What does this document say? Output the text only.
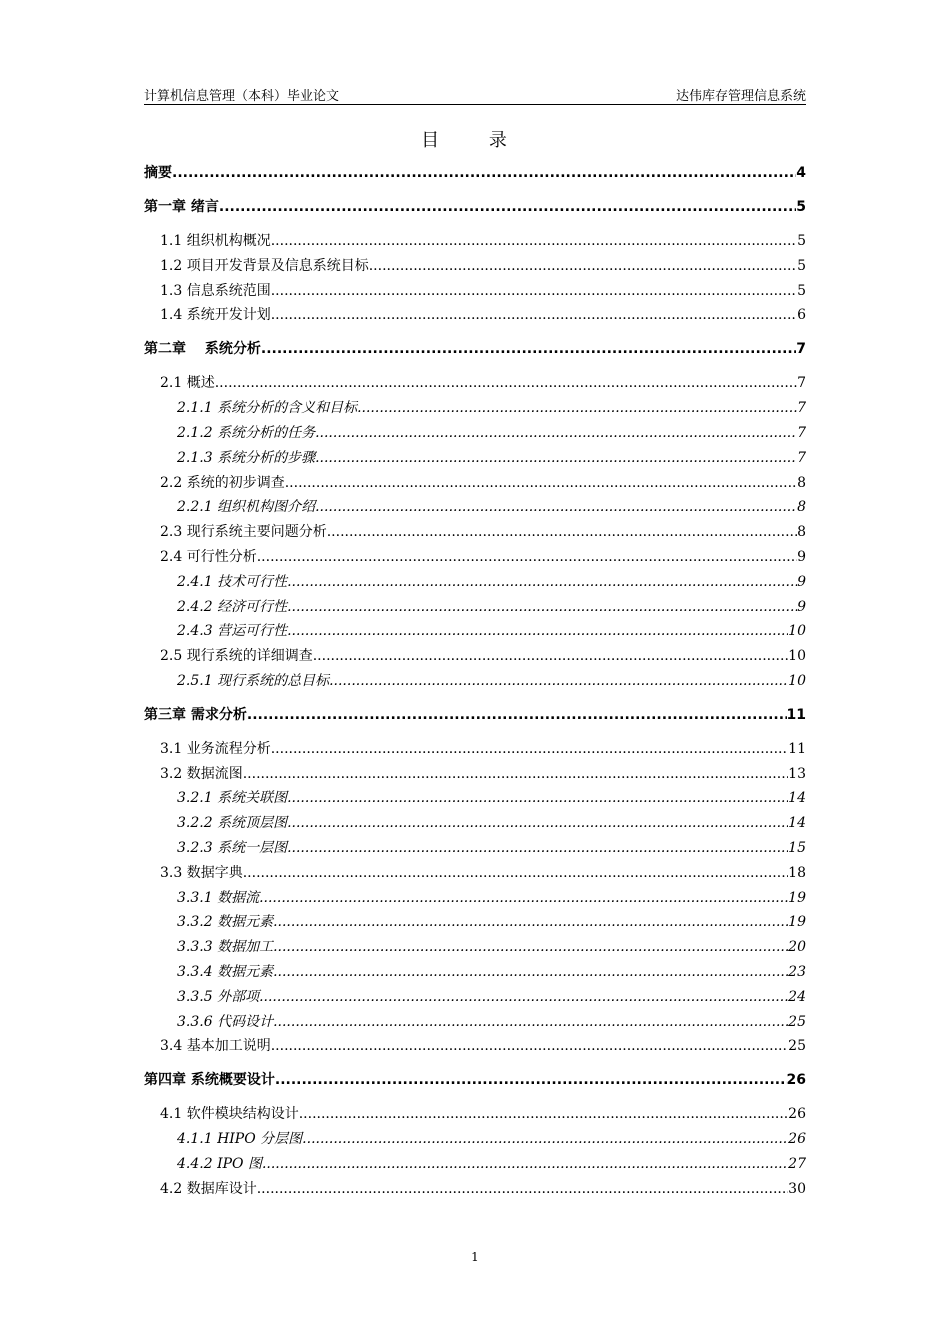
计算机信息管理（本科）毕业论文	达伟库存管理信息系统
目 录
摘要 .....	4
第一章 绪言 .....	5
1.1 组织机构概况 .....	5
1.2 项目开发背景及信息系统目标 .....	5
1.3 信息系统范围 .....	5
1.4 系统开发计划 .....	6
第二章　 系统分析 .....	7
2.1 概述 .....	7
2.1.1 系统分析的含义和目标 .....	7
2.1.2 系统分析的任务 .....	7
2.1.3 系统分析的步骤 .....	7
2.2 系统的初步调查 .....	8
2.2.1 组织机构图介绍 .....	8
2.3 现行系统主要问题分析 .....	8
2.4 可行性分析 .....	9
2.4.1 技术可行性 .....	9
2.4.2 经济可行性 .....	9
2.4.3 营运可行性 .....	10
2.5 现行系统的详细调查 .....	10
2.5.1 现行系统的总目标 .....	10
第三章 需求分析 .....	11
3.1 业务流程分析 .....	11
3.2 数据流图 .....	13
3.2.1 系统关联图 .....	14
3.2.2 系统顶层图 .....	14
3.2.3 系统一层图 .....	15
3.3 数据字典 .....	18
3.3.1 数据流 .....	19
3.3.2 数据元素 .....	19
3.3.3 数据加工 .....	20
3.3.4 数据元素 .....	23
3.3.5 外部项 .....	24
3.3.6 代码设计 .....	25
3.4 基本加工说明 .....	25
第四章 系统概要设计 .....	26
4.1 软件模块结构设计 .....	26
4.1.1 HIPO 分层图 .....	26
4.4.2 IPO 图 .....	27
4.2 数据库设计 .....	30
1
